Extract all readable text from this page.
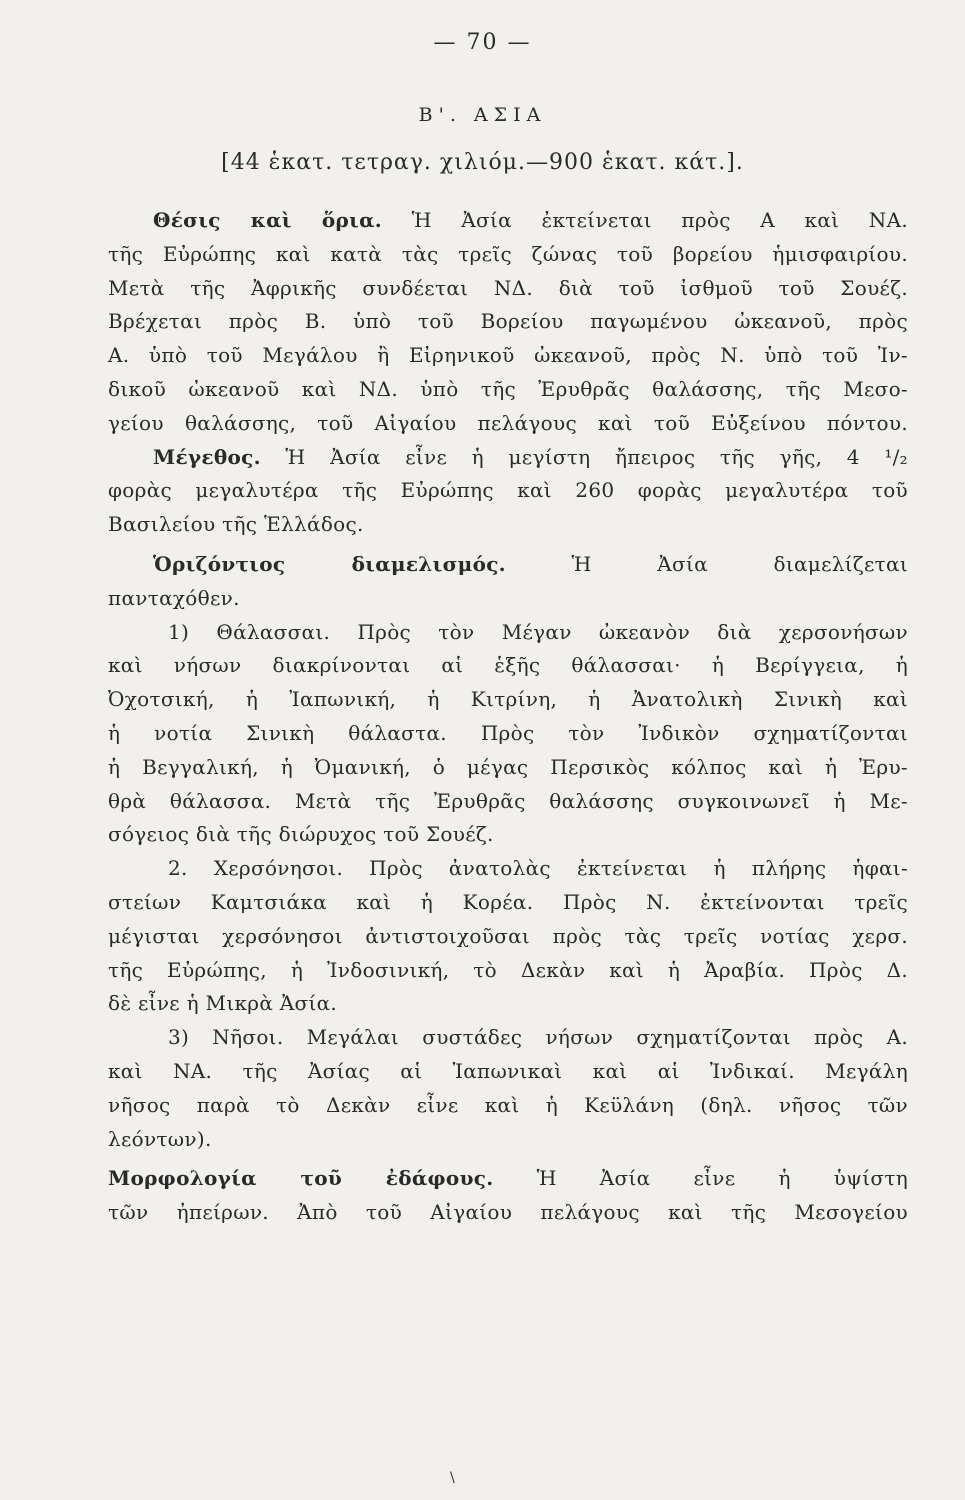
— 70 —
Β'. ΑΣΙΑ
[44 ἑκατ. τετραγ. χιλιόμ.—900 ἑκατ. κάτ.].
Θέσις καὶ ὅρια. Ἡ Ἀσία ἐκτείνεται πρὸς Α καὶ ΝΑ.
τῆς Εὐρώπης καὶ κατὰ τὰς τρεῖς ζώνας τοῦ βορείου ἡμισφαιρίου.
Μετὰ τῆς Ἀφρικῆς συνδέεται ΝΔ. διὰ τοῦ ἰσθμοῦ τοῦ Σουέζ.
Βρέχεται πρὸς Β. ὑπὸ τοῦ Βορείου παγωμένου ὠκεανοῦ, πρὸς
Α. ὑπὸ τοῦ Μεγάλου ἢ Εἰρηνικοῦ ὠκεανοῦ, πρὸς Ν. ὑπὸ τοῦ Ἰν-
δικοῦ ὠκεανοῦ καὶ ΝΔ. ὑπὸ τῆς Ἐρυθρᾶς θαλάσσης, τῆς Μεσο-
γείου θαλάσσης, τοῦ Αἰγαίου πελάγους καὶ τοῦ Εὐξείνου πόντου.
Μέγεθος. Ἡ Ἀσία εἶνε ἡ μεγίστη ἤπειρος τῆς γῆς, 4 ¹/₂
φορὰς μεγαλυτέρα τῆς Εὐρώπης καὶ 260 φορὰς μεγαλυτέρα τοῦ
Βασιλείου τῆς Ἑλλάδος.
Ὁριζόντιος διαμελισμός.	Ἡ Ἀσία διαμελίζεται
πανταχόθεν.
1) Θάλασσαι. Πρὸς τὸν Μέγαν ὠκεανὸν διὰ χερσονήσων
καὶ νήσων διακρίνονται αἱ ἑξῆς θάλασσαι· ἡ Βερίγγεια, ἡ
Ὀχοτσική, ἡ Ἰαπωνική, ἡ Κιτρίνη, ἡ Ἀνατολικὴ Σινικὴ καὶ
ἡ νοτία Σινικὴ θάλαστα. Πρὸς τὸν Ἰνδικὸν σχηματίζονται
ἡ Βεγγαλική, ἡ Ὀμανική, ὁ μέγας Περσικὸς κόλπος καὶ ἡ Ἐρυ-
θρὰ θάλασσα. Μετὰ τῆς Ἐρυθρᾶς θαλάσσης συγκοινωνεῖ ἡ Με-
σόγειος διὰ τῆς διώρυχος τοῦ Σουέζ.
2. Χερσόνησοι. Πρὸς ἀνατολὰς ἐκτείνεται ἡ πλήρης ἡφαι-
στείων Καμτσιάκα καὶ ἡ Κορέα. Πρὸς Ν. ἐκτείνονται τρεῖς
μέγισται χερσόνησοι ἀντιστοιχοῦσαι πρὸς τὰς τρεῖς νοτίας χερσ.
τῆς Εὐρώπης, ἡ Ἰνδοσινική, τὸ Δεκὰν καὶ ἡ Ἀραβία. Πρὸς Δ.
δὲ εἶνε ἡ Μικρὰ Ἀσία.
3) Νῆσοι. Μεγάλαι συστάδες νήσων σχηματίζονται πρὸς Α.
καὶ ΝΑ. τῆς Ἀσίας αἱ Ἰαπωνικαὶ καὶ αἱ Ἰνδικαί. Μεγάλη
νῆσος παρὰ τὸ Δεκὰν εἶνε καὶ ἡ Κεϋλάνη (δηλ. νῆσος τῶν
λεόντων).
Μορφολογία τοῦ ἐδάφους. Ἡ Ἀσία εἶνε ἡ ὑψίστη
τῶν ἠπείρων. Ἀπὸ τοῦ Αἰγαίου πελάγους καὶ τῆς Μεσογείου
\
